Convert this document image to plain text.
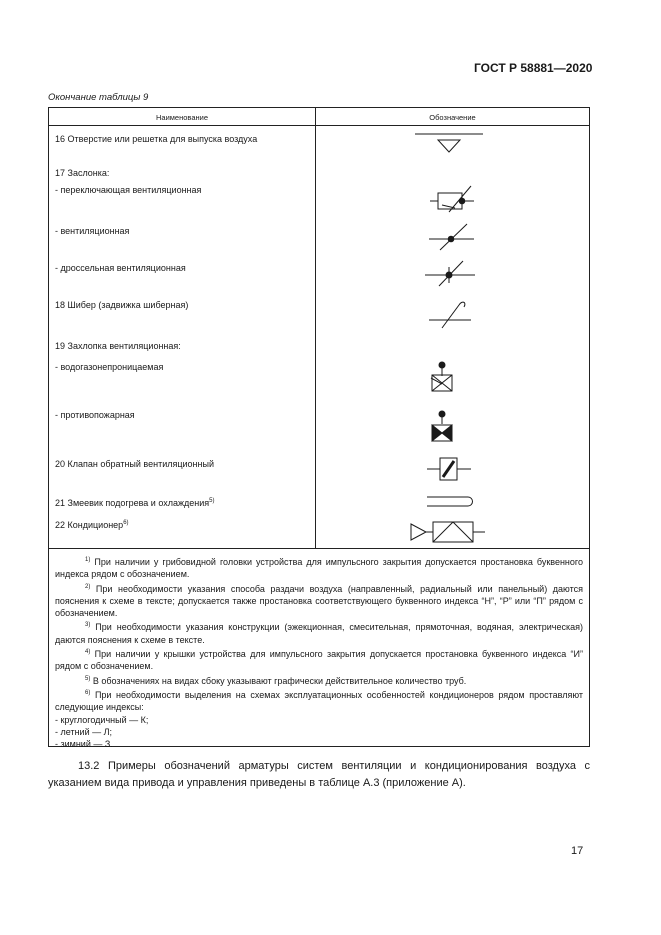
ГОСТ Р 58881—2020
Окончание таблицы 9
Наименование	Обозначение
16 Отверстие или решетка для выпуска воздуха
17 Заслонка:
- переключающая вентиляционная
- вентиляционная
- дроссельная вентиляционная
18 Шибер (задвижка шиберная)
19 Захлопка вентиляционная:
- водогазонепроницаемая
- противопожарная
20 Клапан обратный вентиляционный
21 Змеевик подогрева и охлаждения$^{5)}$
22 Кондиционер$^{6)}$

$^{1)}$ При наличии у грибовидной головки устройства для импульсного закрытия допускается простановка буквенного индекса рядом с обозначением.

$^{2)}$ При необходимости указания способа раздачи воздуха (направленный, радиальный или панельный) даются пояснения к схеме в тексте; допускается также простановка соответствующего буквенного индекса “Н”, “Р” или “П” рядом с обозначением.

$^{3)}$ При необходимости указания конструкции (эжекционная, смесительная, прямоточная, водяная, электрическая) даются пояснения к схеме в тексте.

$^{4)}$ При наличии у крышки устройства для импульсного закрытия допускается простановка буквенного индекса “И” рядом с обозначением.

$^{5)}$ В обозначениях на видах сбоку указывают графически действительное количество труб.

$^{6)}$ При необходимости выделения на схемах эксплуатационных особенностей кондиционеров рядом проставляют следующие индексы:

- круглогодичный — К;

- летний — Л;

- зимний — З.

13.2 Примеры обозначений арматуры систем вентиляции и кондиционирования воздуха с указанием вида привода и управления приведены в таблице А.3 (приложение А).

17
